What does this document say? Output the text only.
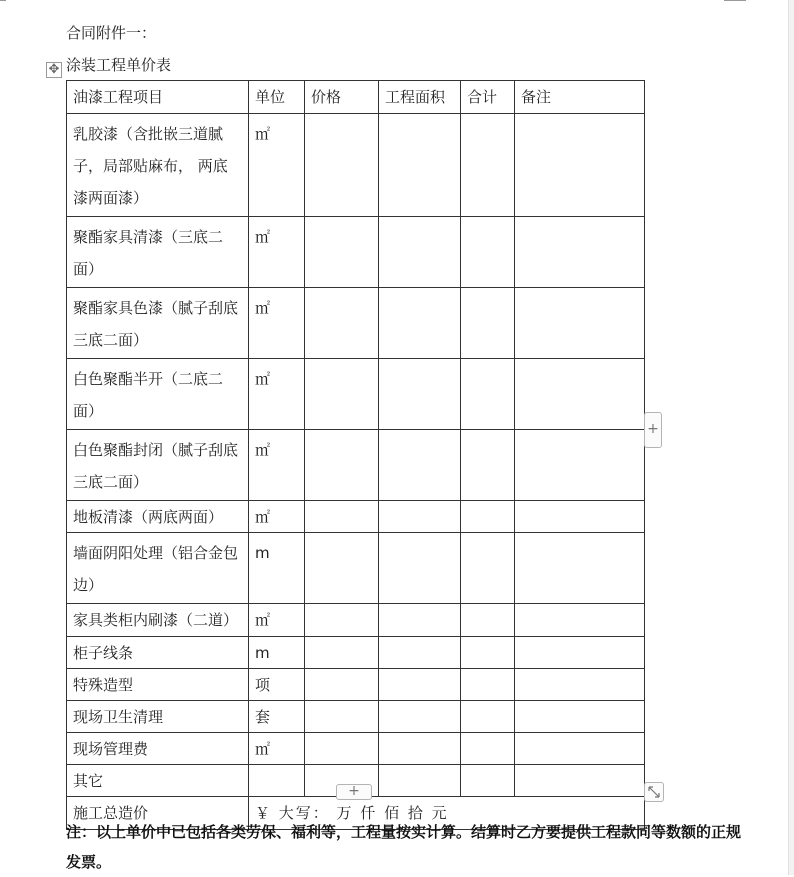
合同附件一：
✥ 涂装工程单价表
油漆工程项目	单位	价格	工程面积	合计	备注
乳胶漆（含批嵌三道腻子，局部贴麻布， 两底漆两面漆）	㎡				
聚酯家具清漆（三底二面）	㎡				
聚酯家具色漆（腻子刮底三底二面）	㎡				
白色聚酯半开（二底二面）	㎡				
白色聚酯封闭（腻子刮底三底二面）	㎡				
地板清漆（两底两面）	㎡				
墙面阴阳处理（铝合金包边）	m				
家具类柜内刷漆（二道）	㎡				
柜子线条	m				
特殊造型	项				
现场卫生清理	套				
现场管理费	㎡				
其它					
施工总造价	￥ 大写： 万 仟 佰 拾 元				
+
+
注：以上单价中已包括各类劳保、福利等，工程量按实计算。结算时乙方要提供工程款同等数额的正规发票。
